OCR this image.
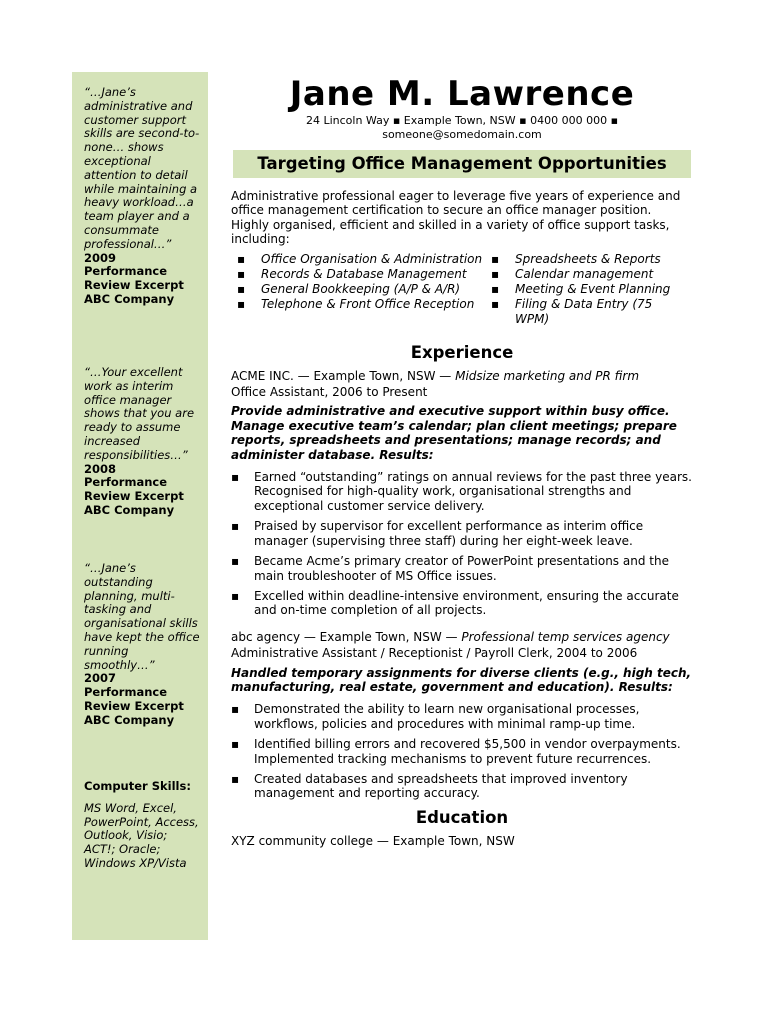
“…Jane’s administrative and customer support skills are second-to-none… shows exceptional attention to detail while maintaining a heavy workload…a team player and a consummate professional…”

2009

Performance Review Excerpt

ABC Company

“…Your excellent work as interim office manager shows that you are ready to assume increased responsibilities…”

2008

Performance Review Excerpt

ABC Company

“…Jane’s outstanding planning, multi-tasking and organisational skills have kept the office running smoothly…”

2007

Performance Review Excerpt

ABC Company

Computer Skills:

MS Word, Excel, PowerPoint, Access, Outlook, Visio; ACT!; Oracle; Windows XP/Vista

Jane M. Lawrence
24 Lincoln Way ▪ Example Town, NSW ▪ 0400 000 000 ▪
someone@somedomain.com
Targeting Office Management Opportunities
Administrative professional eager to leverage five years of experience and office management certification to secure an office manager position. Highly organised, efficient and skilled in a variety of office support tasks, including:
▪ Office Organisation & Administration
▪ Records & Database Management
▪ General Bookkeeping (A/P & A/R)
▪ Telephone & Front Office Reception
▪ Spreadsheets & Reports
▪ Calendar management
▪ Meeting & Event Planning
▪ Filing & Data Entry (75 WPM)
Experience
ACME INC. — Example Town, NSW — Midsize marketing and PR firm
Office Assistant, 2006 to Present
Provide administrative and executive support within busy office. Manage executive team’s calendar; plan client meetings; prepare reports, spreadsheets and presentations; manage records; and administer database. Results:
▪ Earned “outstanding” ratings on annual reviews for the past three years. Recognised for high-quality work, organisational strengths and exceptional customer service delivery.
▪ Praised by supervisor for excellent performance as interim office manager (supervising three staff) during her eight-week leave.
▪ Became Acme’s primary creator of PowerPoint presentations and the main troubleshooter of MS Office issues.
▪ Excelled within deadline-intensive environment, ensuring the accurate and on-time completion of all projects.
abc agency — Example Town, NSW — Professional temp services agency
Administrative Assistant / Receptionist / Payroll Clerk, 2004 to 2006
Handled temporary assignments for diverse clients (e.g., high tech, manufacturing, real estate, government and education). Results:
▪ Demonstrated the ability to learn new organisational processes, workflows, policies and procedures with minimal ramp-up time.
▪ Identified billing errors and recovered $5,500 in vendor overpayments. Implemented tracking mechanisms to prevent future recurrences.
▪ Created databases and spreadsheets that improved inventory management and reporting accuracy.
Education
XYZ community college — Example Town, NSW
